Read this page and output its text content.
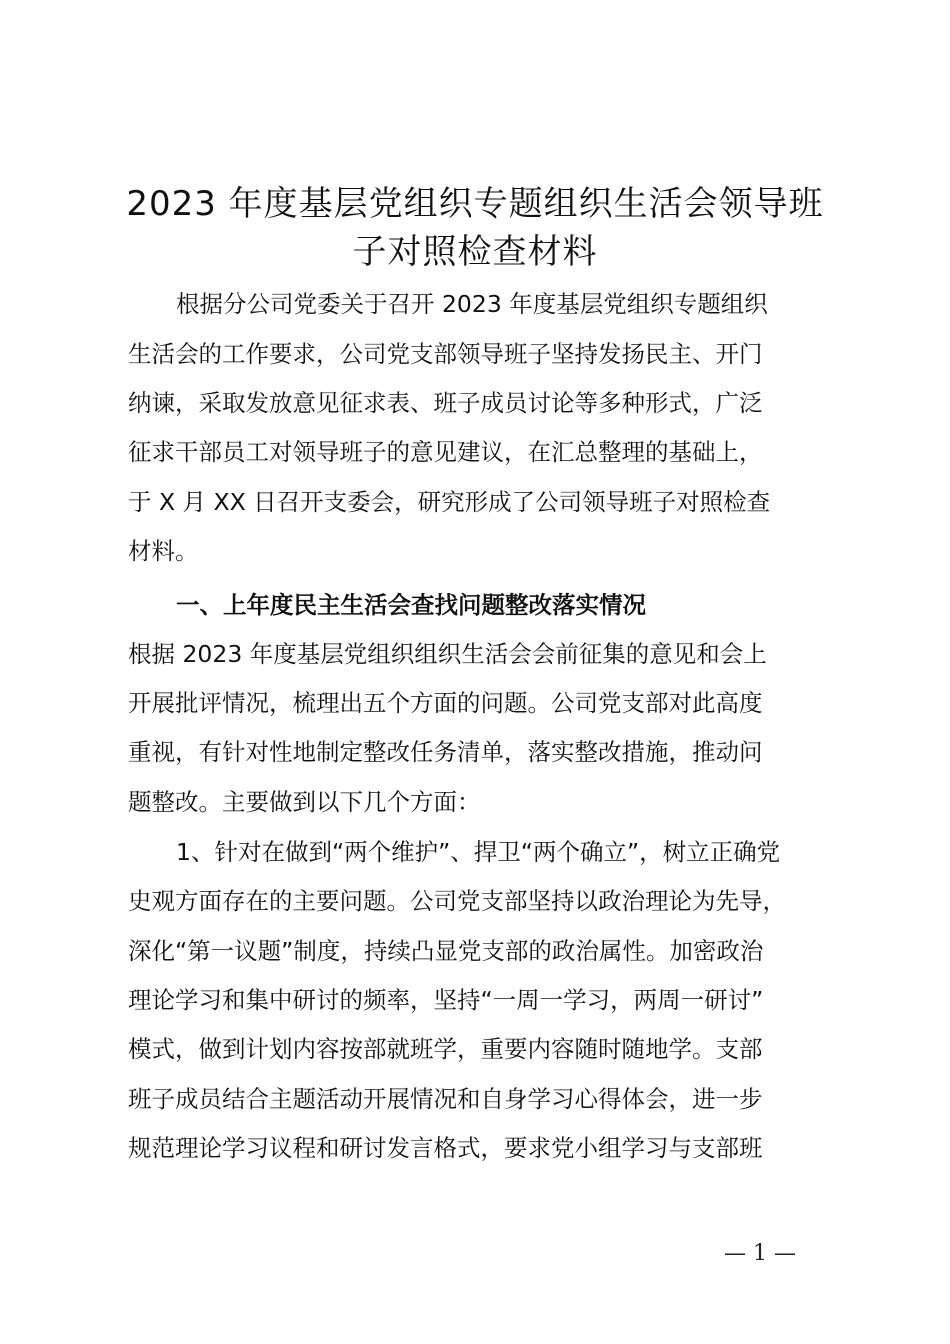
2023 年度基层党组织专题组织生活会领导班
子对照检查材料
根据分公司党委关于召开 2023 年度基层党组织专题组织
生活会的工作要求，公司党支部领导班子坚持发扬民主、开门
纳谏，采取发放意见征求表、班子成员讨论等多种形式，广泛
征求干部员工对领导班子的意见建议，在汇总整理的基础上，
于 X 月 XX 日召开支委会，研究形成了公司领导班子对照检查
材料。
一、上年度民主生活会查找问题整改落实情况
根据 2023 年度基层党组织组织生活会会前征集的意见和会上
开展批评情况，梳理出五个方面的问题。公司党支部对此高度
重视，有针对性地制定整改任务清单，落实整改措施，推动问
题整改。主要做到以下几个方面：
1、针对在做到“两个维护”、捍卫“两个确立”，树立正确党
史观方面存在的主要问题。公司党支部坚持以政治理论为先导，
深化“第一议题”制度，持续凸显党支部的政治属性。加密政治
理论学习和集中研讨的频率，坚持“一周一学习，两周一研讨”
模式，做到计划内容按部就班学，重要内容随时随地学。支部
班子成员结合主题活动开展情况和自身学习心得体会，进一步
规范理论学习议程和研讨发言格式，要求党小组学习与支部班
— 1 —
